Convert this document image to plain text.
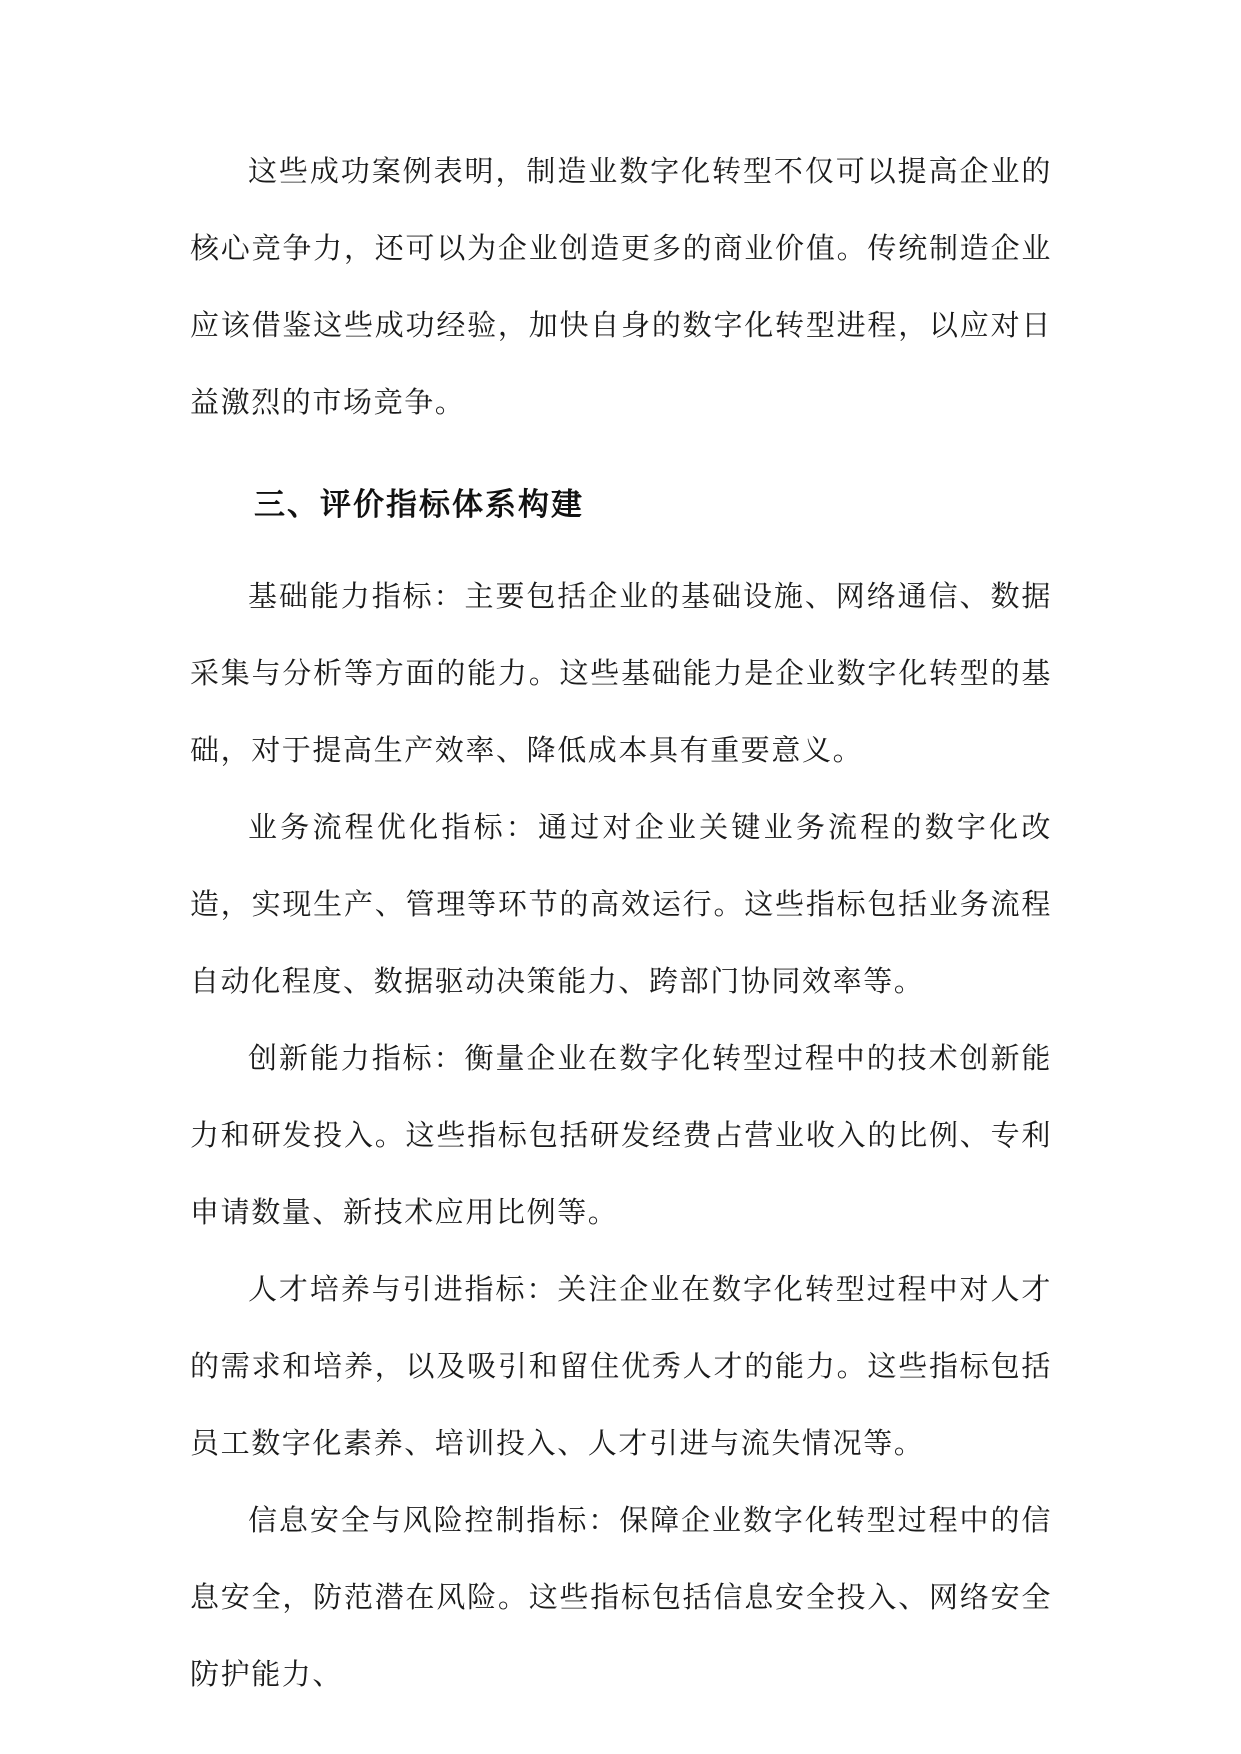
这些成功案例表明，制造业数字化转型不仅可以提高企业的核心竞争力，还可以为企业创造更多的商业价值。传统制造企业应该借鉴这些成功经验，加快自身的数字化转型进程，以应对日益激烈的市场竞争。

三、评价指标体系构建

基础能力指标：主要包括企业的基础设施、网络通信、数据采集与分析等方面的能力。这些基础能力是企业数字化转型的基础，对于提高生产效率、降低成本具有重要意义。

业务流程优化指标：通过对企业关键业务流程的数字化改造，实现生产、管理等环节的高效运行。这些指标包括业务流程自动化程度、数据驱动决策能力、跨部门协同效率等。

创新能力指标：衡量企业在数字化转型过程中的技术创新能力和研发投入。这些指标包括研发经费占营业收入的比例、专利申请数量、新技术应用比例等。

人才培养与引进指标：关注企业在数字化转型过程中对人才的需求和培养，以及吸引和留住优秀人才的能力。这些指标包括员工数字化素养、培训投入、人才引进与流失情况等。

信息安全与风险控制指标：保障企业数字化转型过程中的信息安全，防范潜在风险。这些指标包括信息安全投入、网络安全防护能力、
